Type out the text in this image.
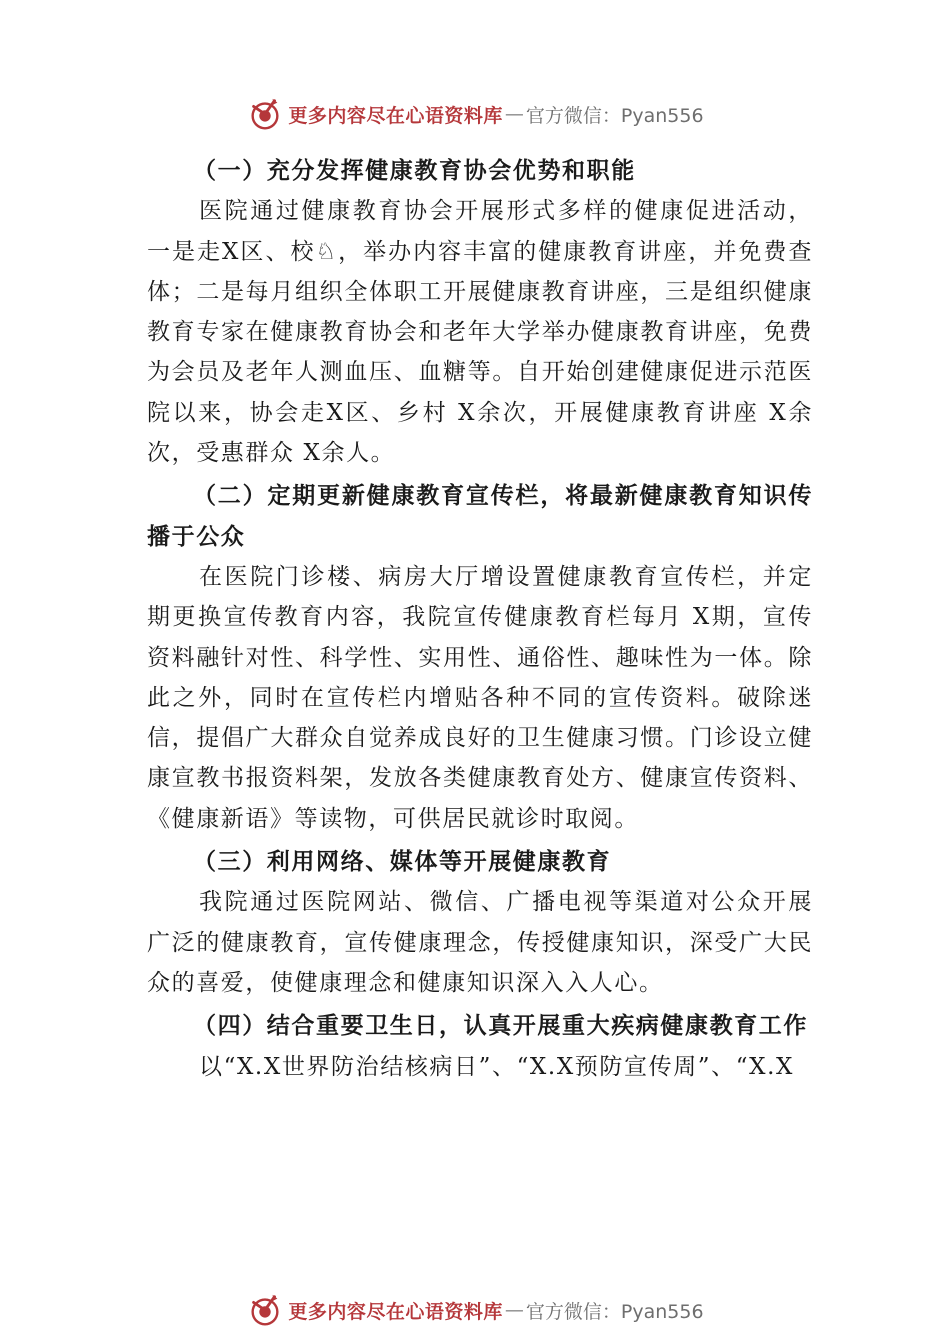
更多内容尽在心语资料库 — 官方微信：Pyan556

（一）充分发挥健康教育协会优势和职能

医院通过健康教育协会开展形式多样的健康促进活动，一是走X区、校♘，举办内容丰富的健康教育讲座，并免费查体；二是每月组织全体职工开展健康教育讲座，三是组织健康教育专家在健康教育协会和老年大学举办健康教育讲座，免费为会员及老年人测血压、血糖等。自开始创建健康促进示范医院以来，协会走X区、乡村 X余次，开展健康教育讲座 X余次，受惠群众 X余人。

（二）定期更新健康教育宣传栏，将最新健康教育知识传播于公众

在医院门诊楼、病房大厅增设置健康教育宣传栏，并定期更换宣传教育内容，我院宣传健康教育栏每月 X期，宣传资料融针对性、科学性、实用性、通俗性、趣味性为一体。除此之外，同时在宣传栏内增贴各种不同的宣传资料。破除迷信，提倡广大群众自觉养成良好的卫生健康习惯。门诊设立健康宣教书报资料架，发放各类健康教育处方、健康宣传资料、《健康新语》等读物，可供居民就诊时取阅。

（三）利用网络、媒体等开展健康教育

我院通过医院网站、微信、广播电视等渠道对公众开展广泛的健康教育，宣传健康理念，传授健康知识，深受广大民众的喜爱，使健康理念和健康知识深入入人心。

（四）结合重要卫生日，认真开展重大疾病健康教育工作

以“X.X世界防治结核病日”、“X.X预防宣传周”、“X.X

更多内容尽在心语资料库 — 官方微信：Pyan556
